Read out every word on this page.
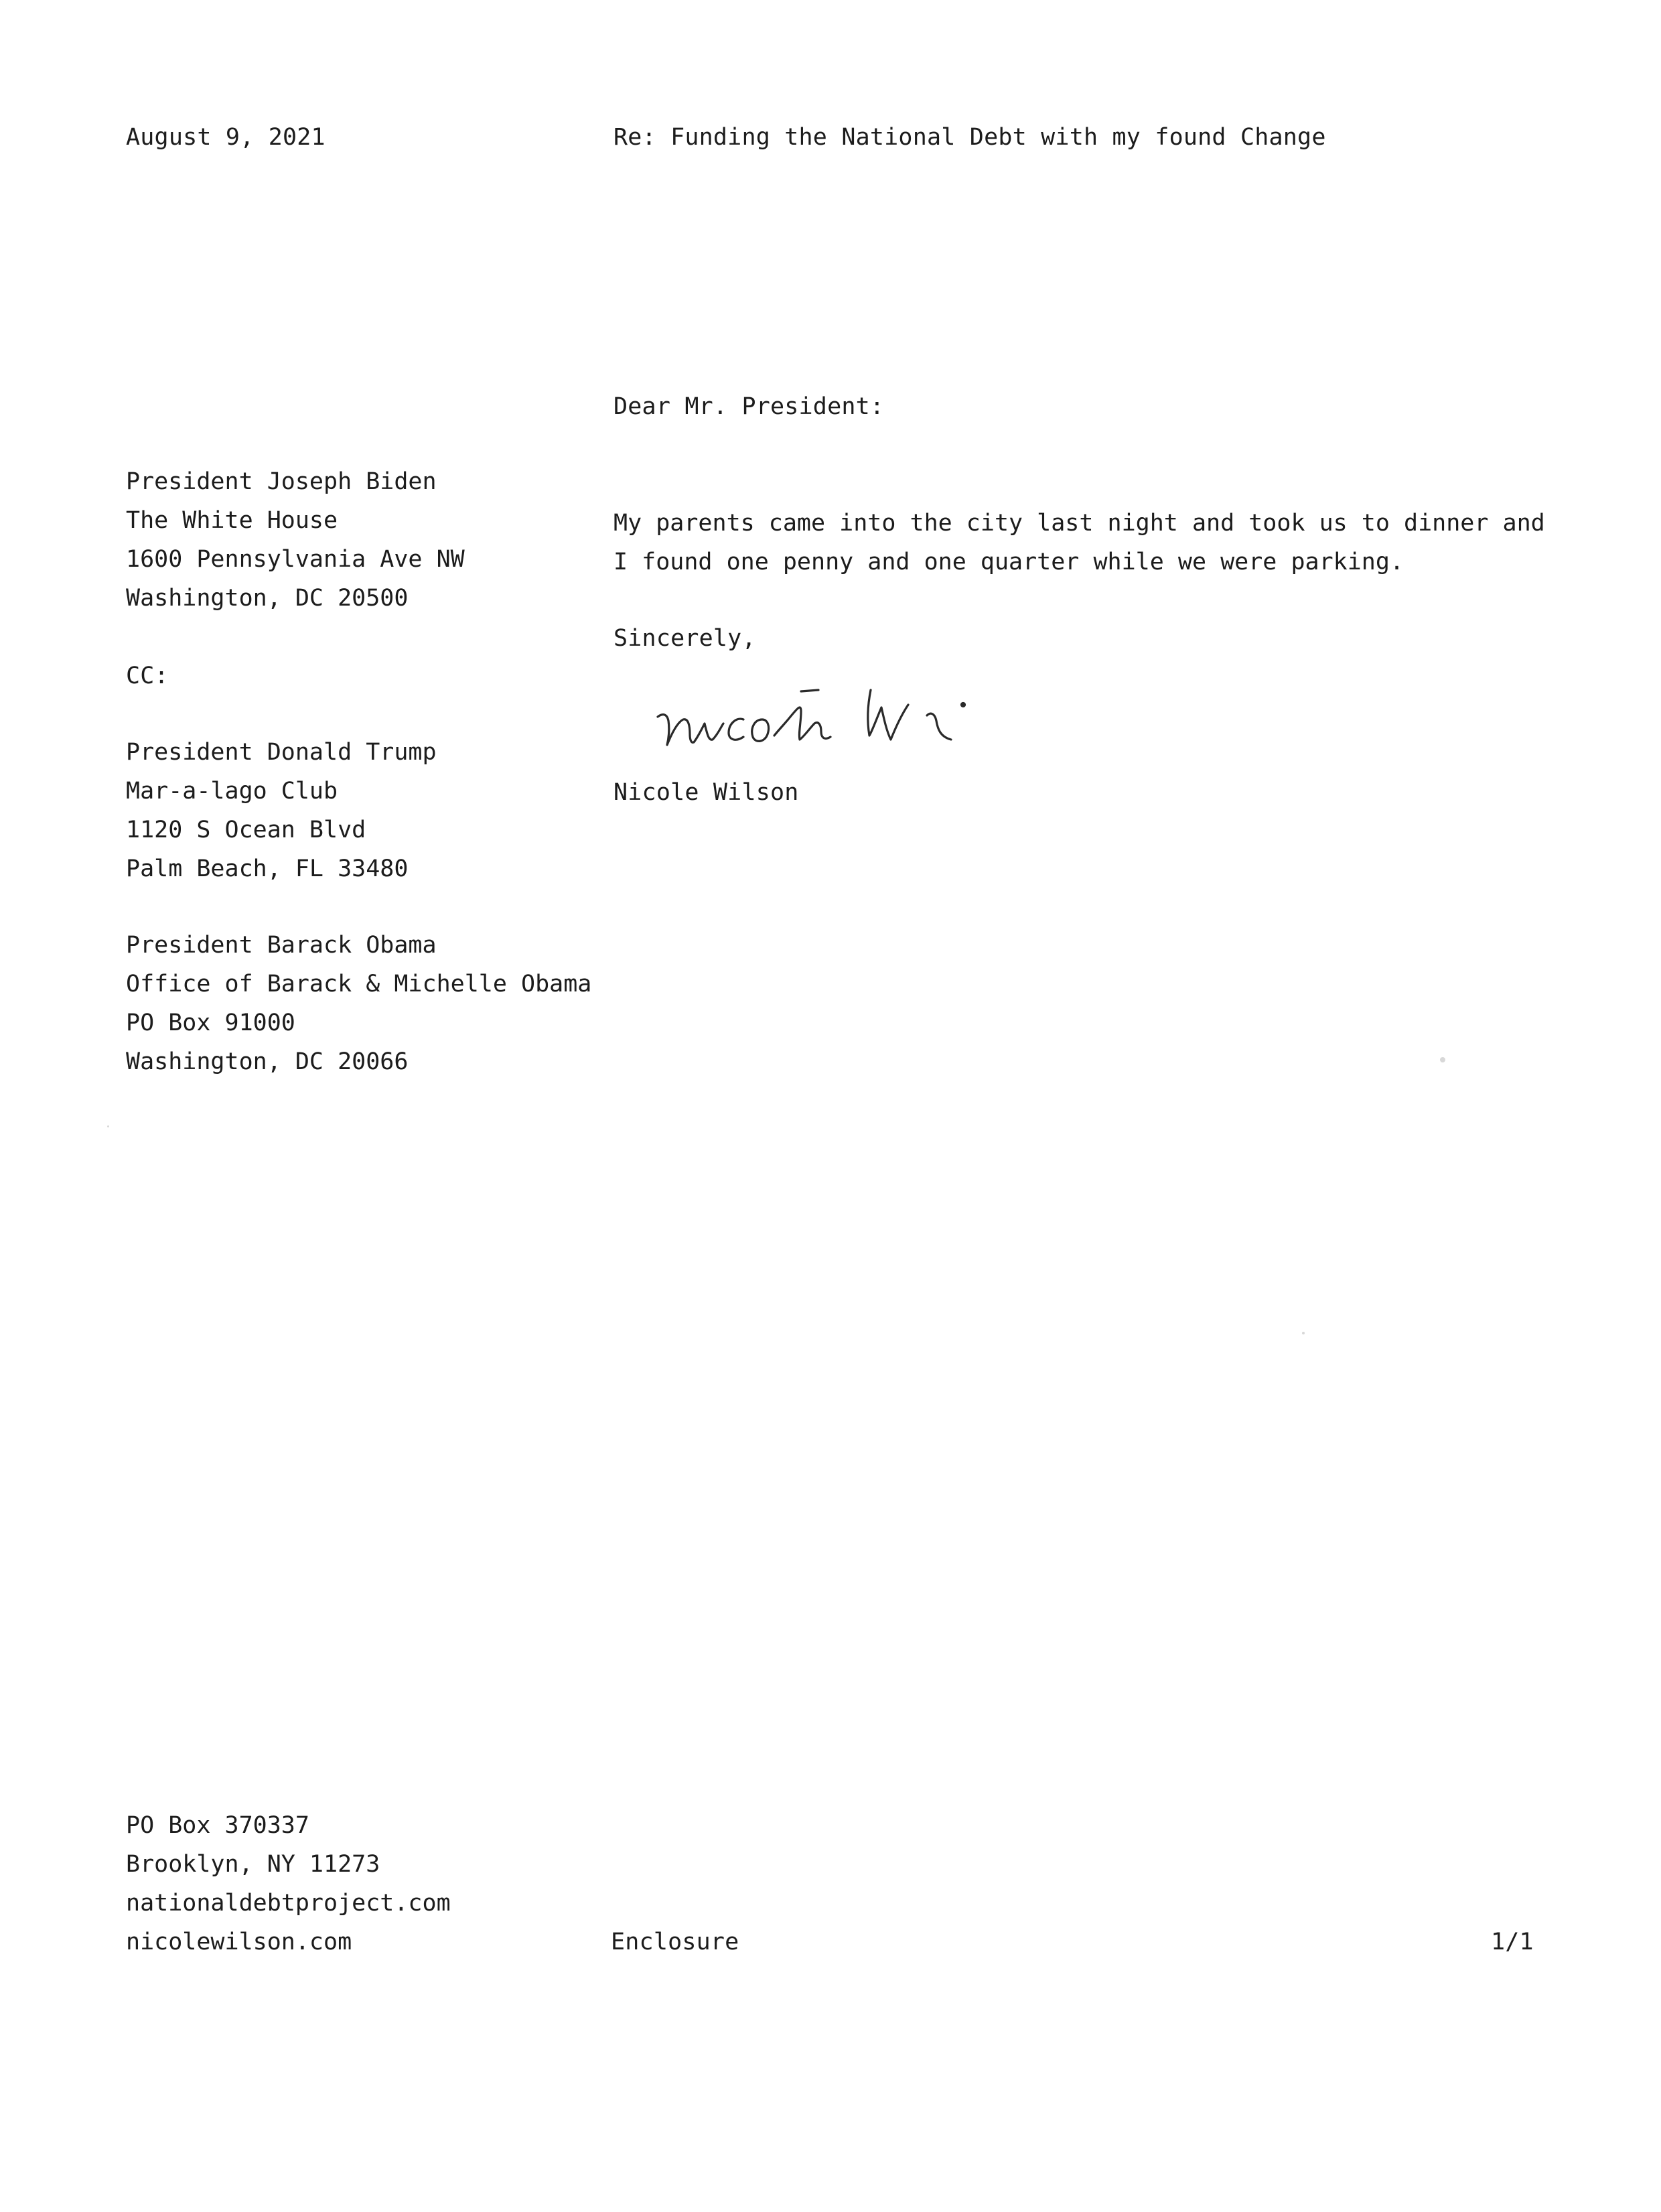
August 9, 2021	Re: Funding the National Debt with my found Change
Dear Mr. President:
President Joseph Biden
The White House
1600 Pennsylvania Ave NW
Washington, DC 20500
My parents came into the city last night and took us to dinner and
I found one penny and one quarter while we were parking.
Sincerely,
Nicole Wilson
CC:
President Donald Trump
Mar-a-lago Club
1120 S Ocean Blvd
Palm Beach, FL 33480
President Barack Obama
Office of Barack & Michelle Obama
PO Box 91000
Washington, DC 20066
PO Box 370337
Brooklyn, NY 11273
nationaldebtproject.com
nicolewilson.com	Enclosure	1/1
